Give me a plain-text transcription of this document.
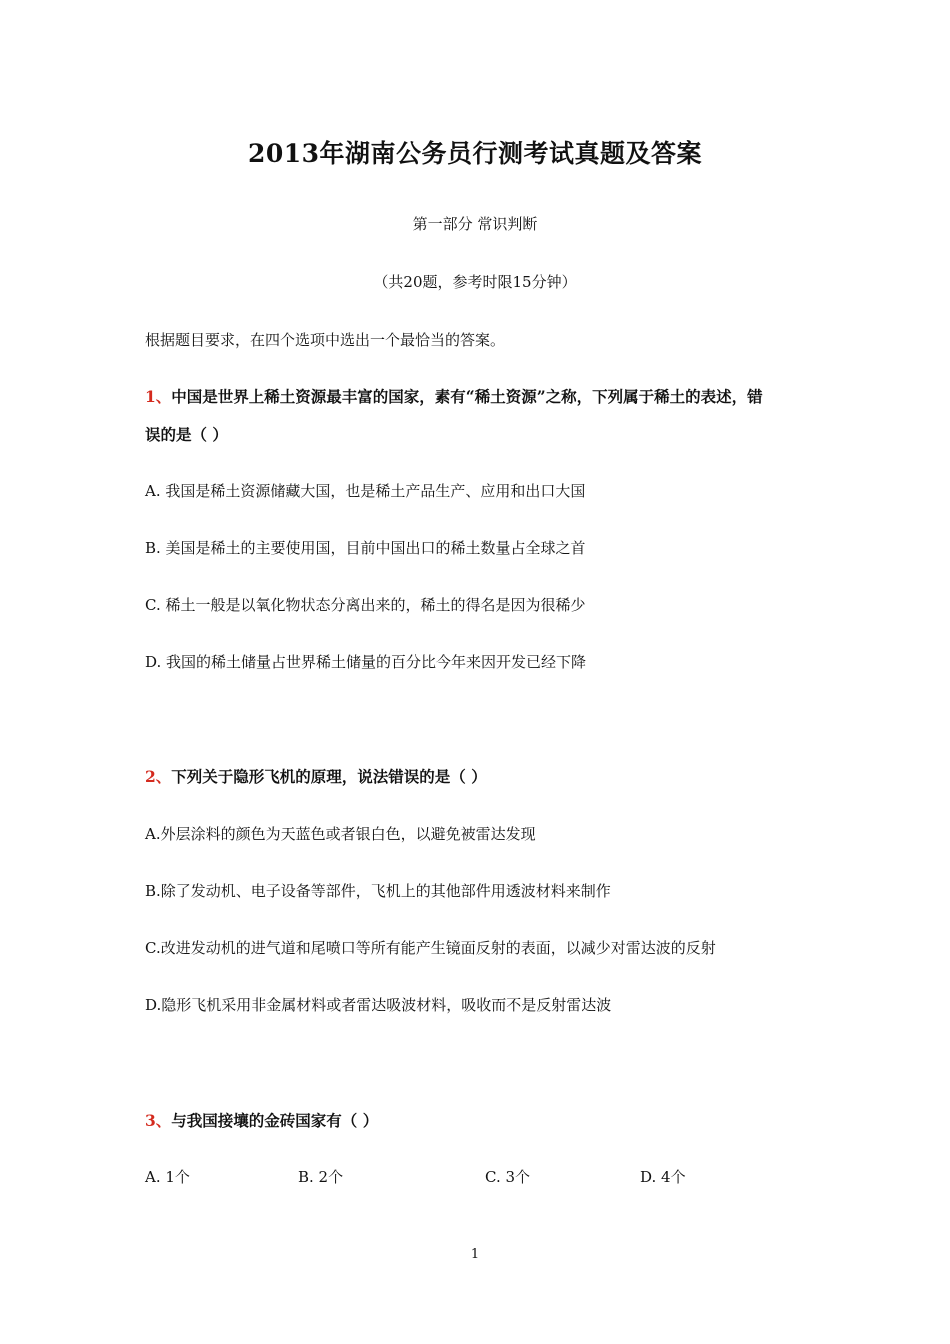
2013年湖南公务员行测考试真题及答案
第一部分 常识判断
（共20题，参考时限15分钟）
根据题目要求，在四个选项中选出一个最恰当的答案。
1、中国是世界上稀土资源最丰富的国家，素有“稀土资源”之称，下列属于稀土的表述，错
误的是（ ）
A. 我国是稀土资源储藏大国，也是稀土产品生产、应用和出口大国
B. 美国是稀土的主要使用国，目前中国出口的稀土数量占全球之首
C. 稀土一般是以氧化物状态分离出来的，稀土的得名是因为很稀少
D. 我国的稀土储量占世界稀土储量的百分比今年来因开发已经下降
2、下列关于隐形飞机的原理，说法错误的是（ ）
A.外层涂料的颜色为天蓝色或者银白色，以避免被雷达发现
B.除了发动机、电子设备等部件，飞机上的其他部件用透波材料来制作
C.改进发动机的进气道和尾喷口等所有能产生镜面反射的表面，以减少对雷达波的反射
D.隐形飞机采用非金属材料或者雷达吸波材料，吸收而不是反射雷达波
3、与我国接壤的金砖国家有（ ）
A. 1个	B. 2个	C. 3个	D. 4个
1
